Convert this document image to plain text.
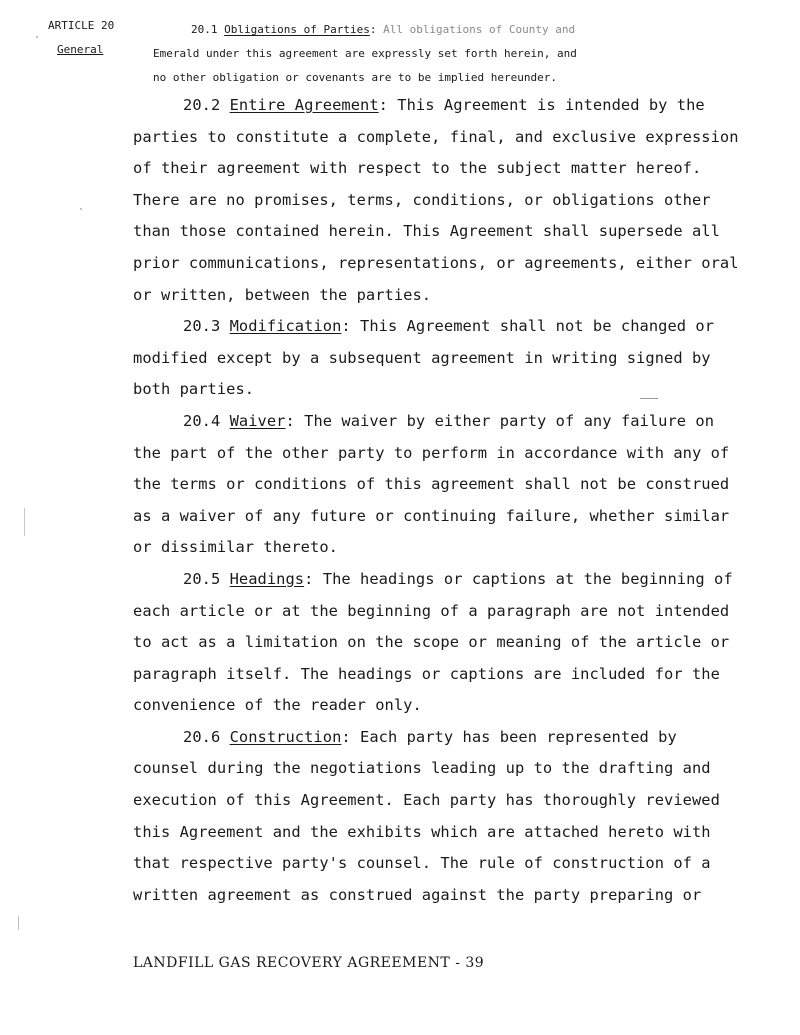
ARTICLE 20
General
20.1 Obligations of Parties: All obligations of County and
Emerald under this agreement are expressly set forth herein, and
no other obligation or covenants are to be implied hereunder.
20.2 Entire Agreement: This Agreement is intended by the
parties to constitute a complete, final, and exclusive expression
of their agreement with respect to the subject matter hereof.
There are no promises, terms, conditions, or obligations other
than those contained herein. This Agreement shall supersede all
prior communications, representations, or agreements, either oral
or written, between the parties.
20.3 Modification: This Agreement shall not be changed or
modified except by a subsequent agreement in writing signed by
both parties.
20.4 Waiver: The waiver by either party of any failure on
the part of the other party to perform in accordance with any of
the terms or conditions of this agreement shall not be construed
as a waiver of any future or continuing failure, whether similar
or dissimilar thereto.
20.5 Headings: The headings or captions at the beginning of
each article or at the beginning of a paragraph are not intended
to act as a limitation on the scope or meaning of the article or
paragraph itself. The headings or captions are included for the
convenience of the reader only.
20.6 Construction: Each party has been represented by
counsel during the negotiations leading up to the drafting and
execution of this Agreement. Each party has thoroughly reviewed
this Agreement and the exhibits which are attached hereto with
that respective party's counsel. The rule of construction of a
written agreement as construed against the party preparing or
LANDFILL GAS RECOVERY AGREEMENT - 39
